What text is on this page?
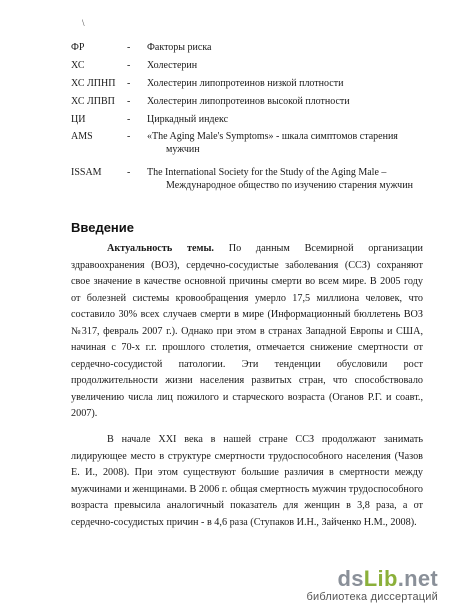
\
ФР	- Факторы риска
ХС	- Холестерин
ХС ЛПНП - Холестерин липопротеинов низкой плотности
ХС ЛПВП - Холестерин липопротеинов высокой плотности
ЦИ	- Циркадный индекс
AMS	- «The Aging Male's Symptoms» - шкала симптомов старения
мужчин
ISSAM	- The International Society for the Study of the Aging Male –
Международное общество по изучению старения мужчин
Введение

Актуальность темы. По данным Всемирной организации здравоохранения (ВОЗ), сердечно-сосудистые заболевания (ССЗ) сохраняют свое значение в качестве основной причины смерти во всем мире. В 2005 году от болезней системы кровообращения умерло 17,5 миллиона человек, что составило 30% всех случаев смерти в мире (Информационный бюллетень ВОЗ №317, февраль 2007 г.). Однако при этом в странах Западной Европы и США, начиная с 70-х г.г. прошлого столетия, отмечается снижение смертности от сердечно-сосудистой патологии. Эти тенденции обусловили рост продолжительности жизни населения развитых стран, что способствовало увеличению числа лиц пожилого и старческого возраста (Оганов Р.Г. и соавт., 2007).

В начале XXI века в нашей стране ССЗ продолжают занимать лидирующее место в структуре смертности трудоспособного населения (Чазов Е. И., 2008). При этом существуют большие различия в смертности между мужчинами и женщинами. В 2006 г. общая смертность мужчин трудоспособного возраста превысила аналогичный показатель для женщин в 3,8 раза, а от сердечно-сосудистых причин - в 4,6 раза (Ступаков И.Н., Зайченко Н.М., 2008).

dsLib.net
библиотека диссертаций
